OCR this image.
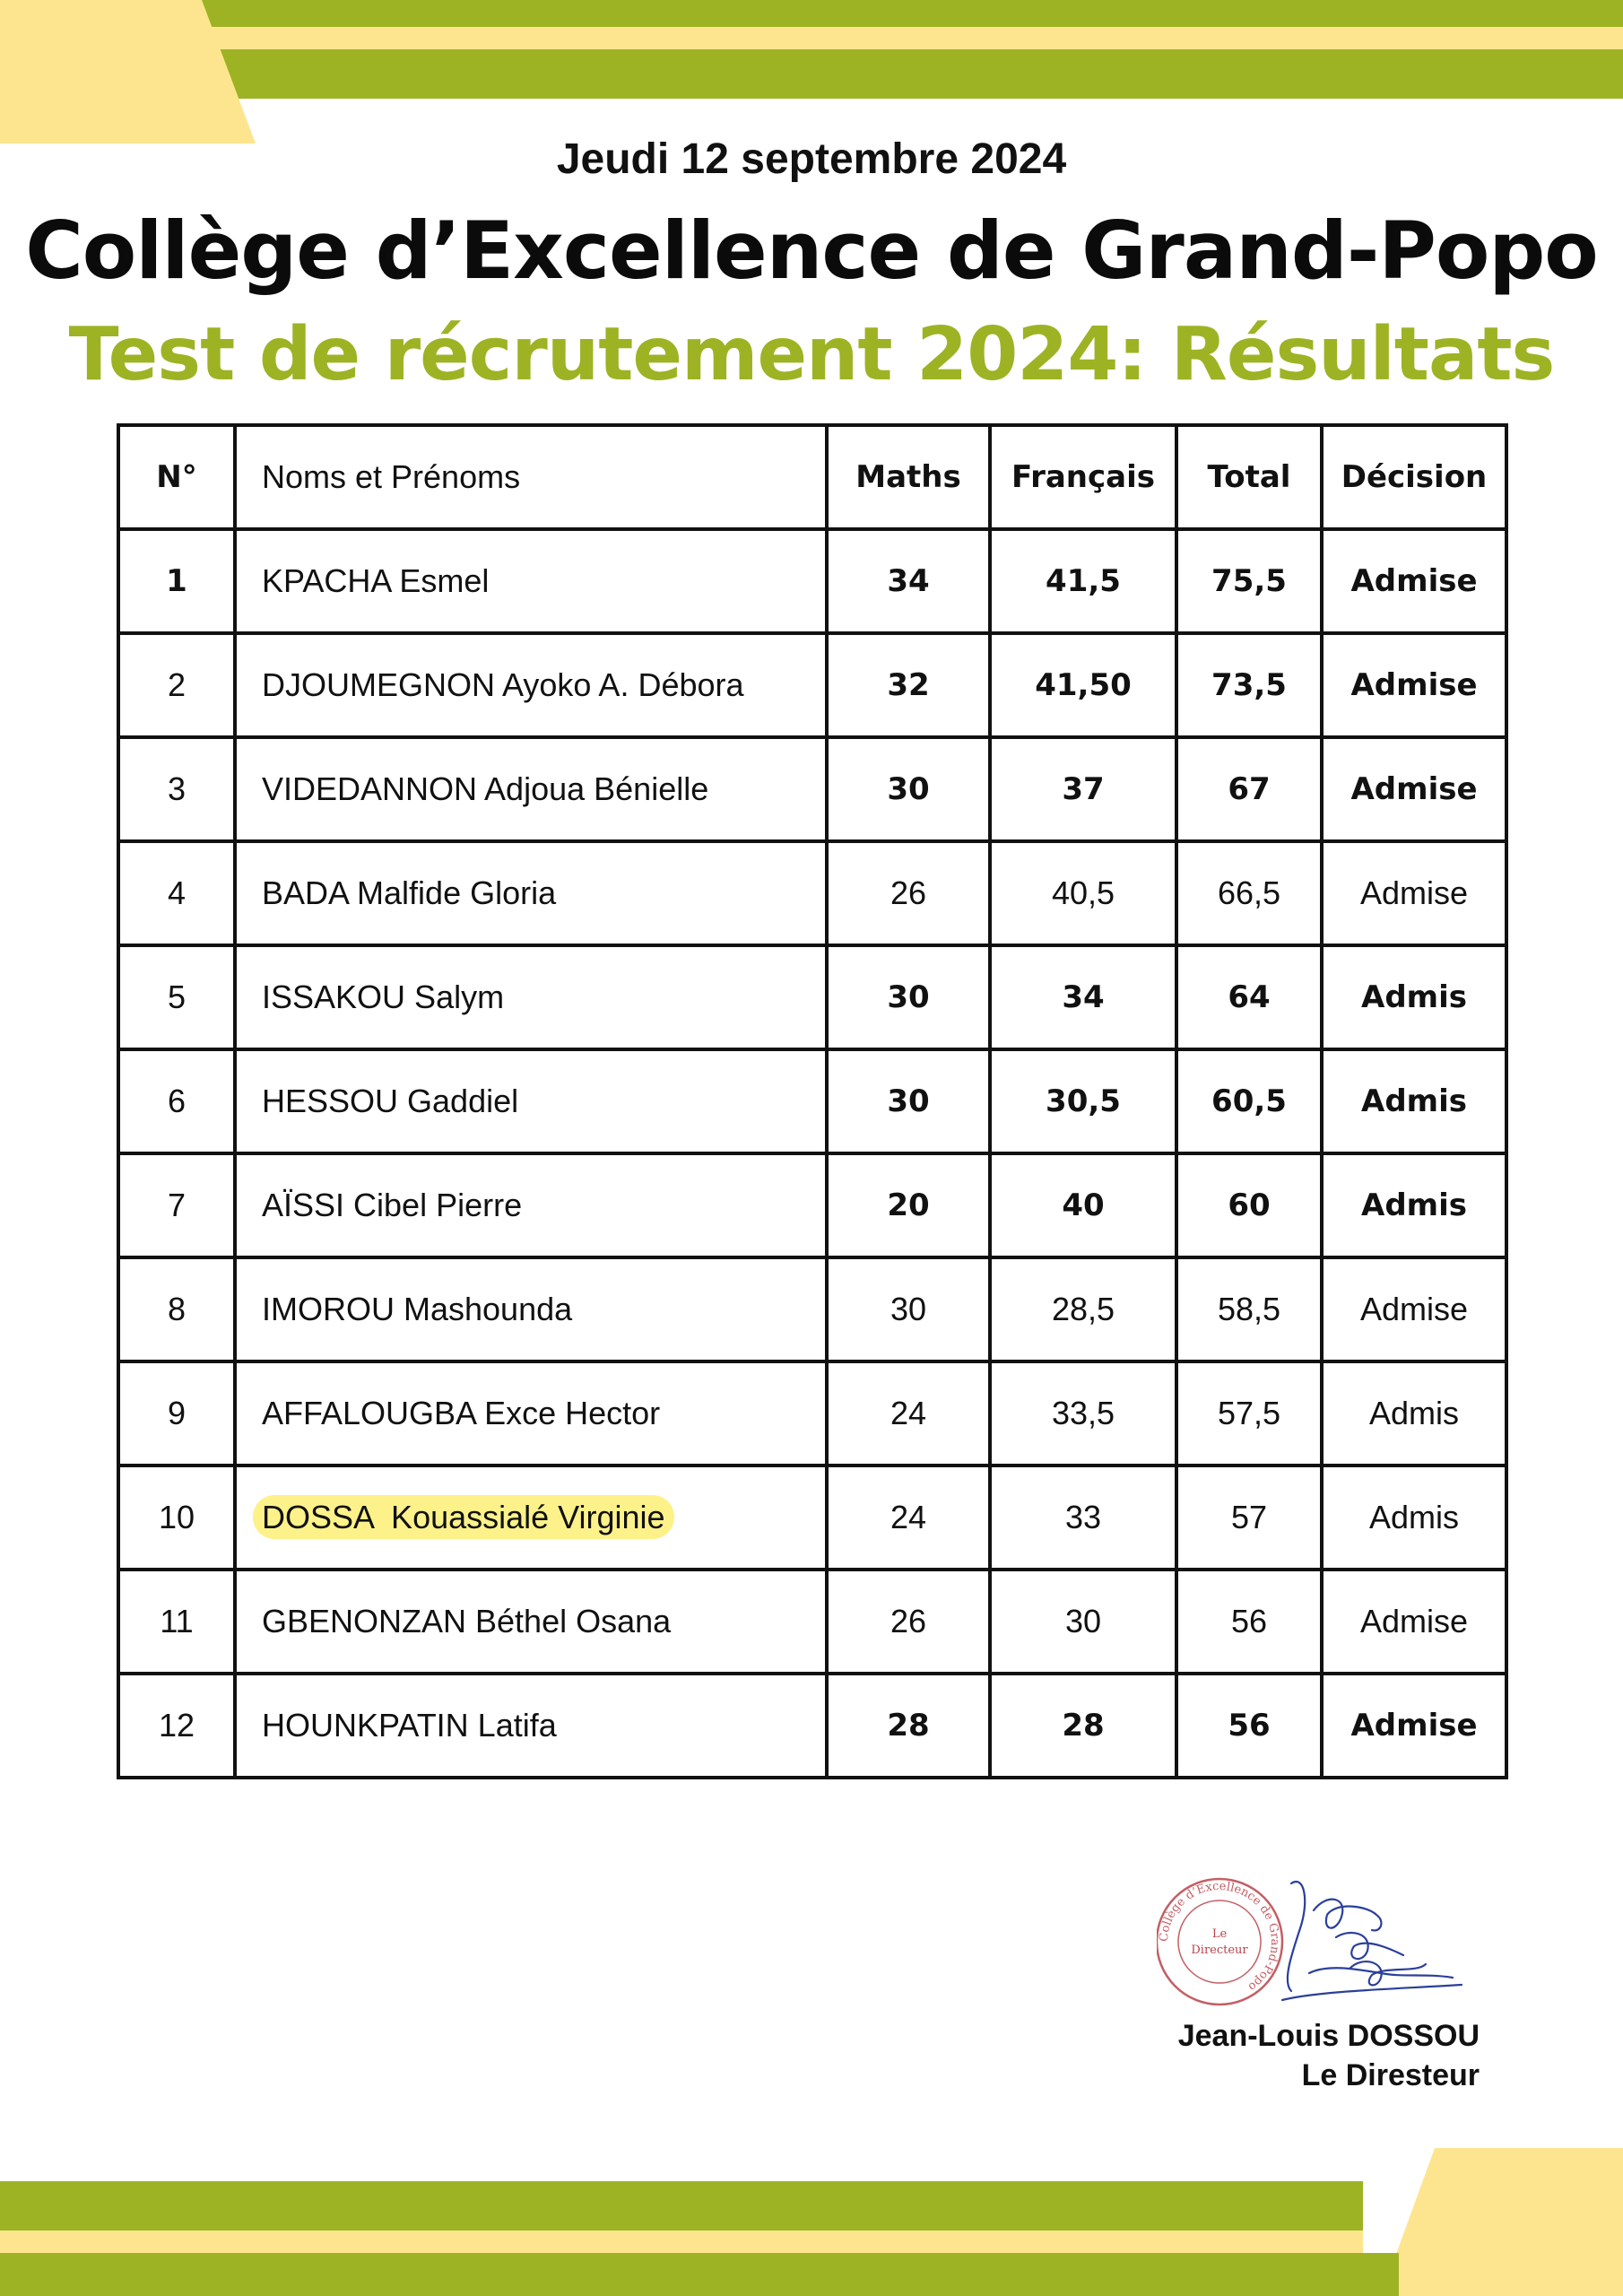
Jeudi 12 septembre 2024
Collège d’Excellence de Grand-Popo
Test de récrutement 2024: Résultats
N°	Noms et Prénoms	Maths	Français	Total	Décision
1	KPACHA Esmel	34	41,5	75,5	Admise
2	DJOUMEGNON Ayoko A. Débora	32	41,50	73,5	Admise
3	VIDEDANNON Adjoua Bénielle	30	37	67	Admise
4	BADA Malfide Gloria	26	40,5	66,5	Admise
5	ISSAKOU Salym	30	34	64	Admis
6	HESSOU Gaddiel	30	30,5	60,5	Admis
7	AÏSSI Cibel Pierre	20	40	60	Admis
8	IMOROU Mashounda	30	28,5	58,5	Admise
9	AFFALOUGBA Exce Hector	24	33,5	57,5	Admis
10	DOSSA  Kouassialé Virginie	24	33	57	Admis
11	GBENONZAN Béthel Osana	26	30	56	Admise
12	HOUNKPATIN Latifa	28	28	56	Admise
Collège d’Excellence de Grand-Popo
Le
Directeur
Jean-Louis DOSSOU
Le Diresteur
